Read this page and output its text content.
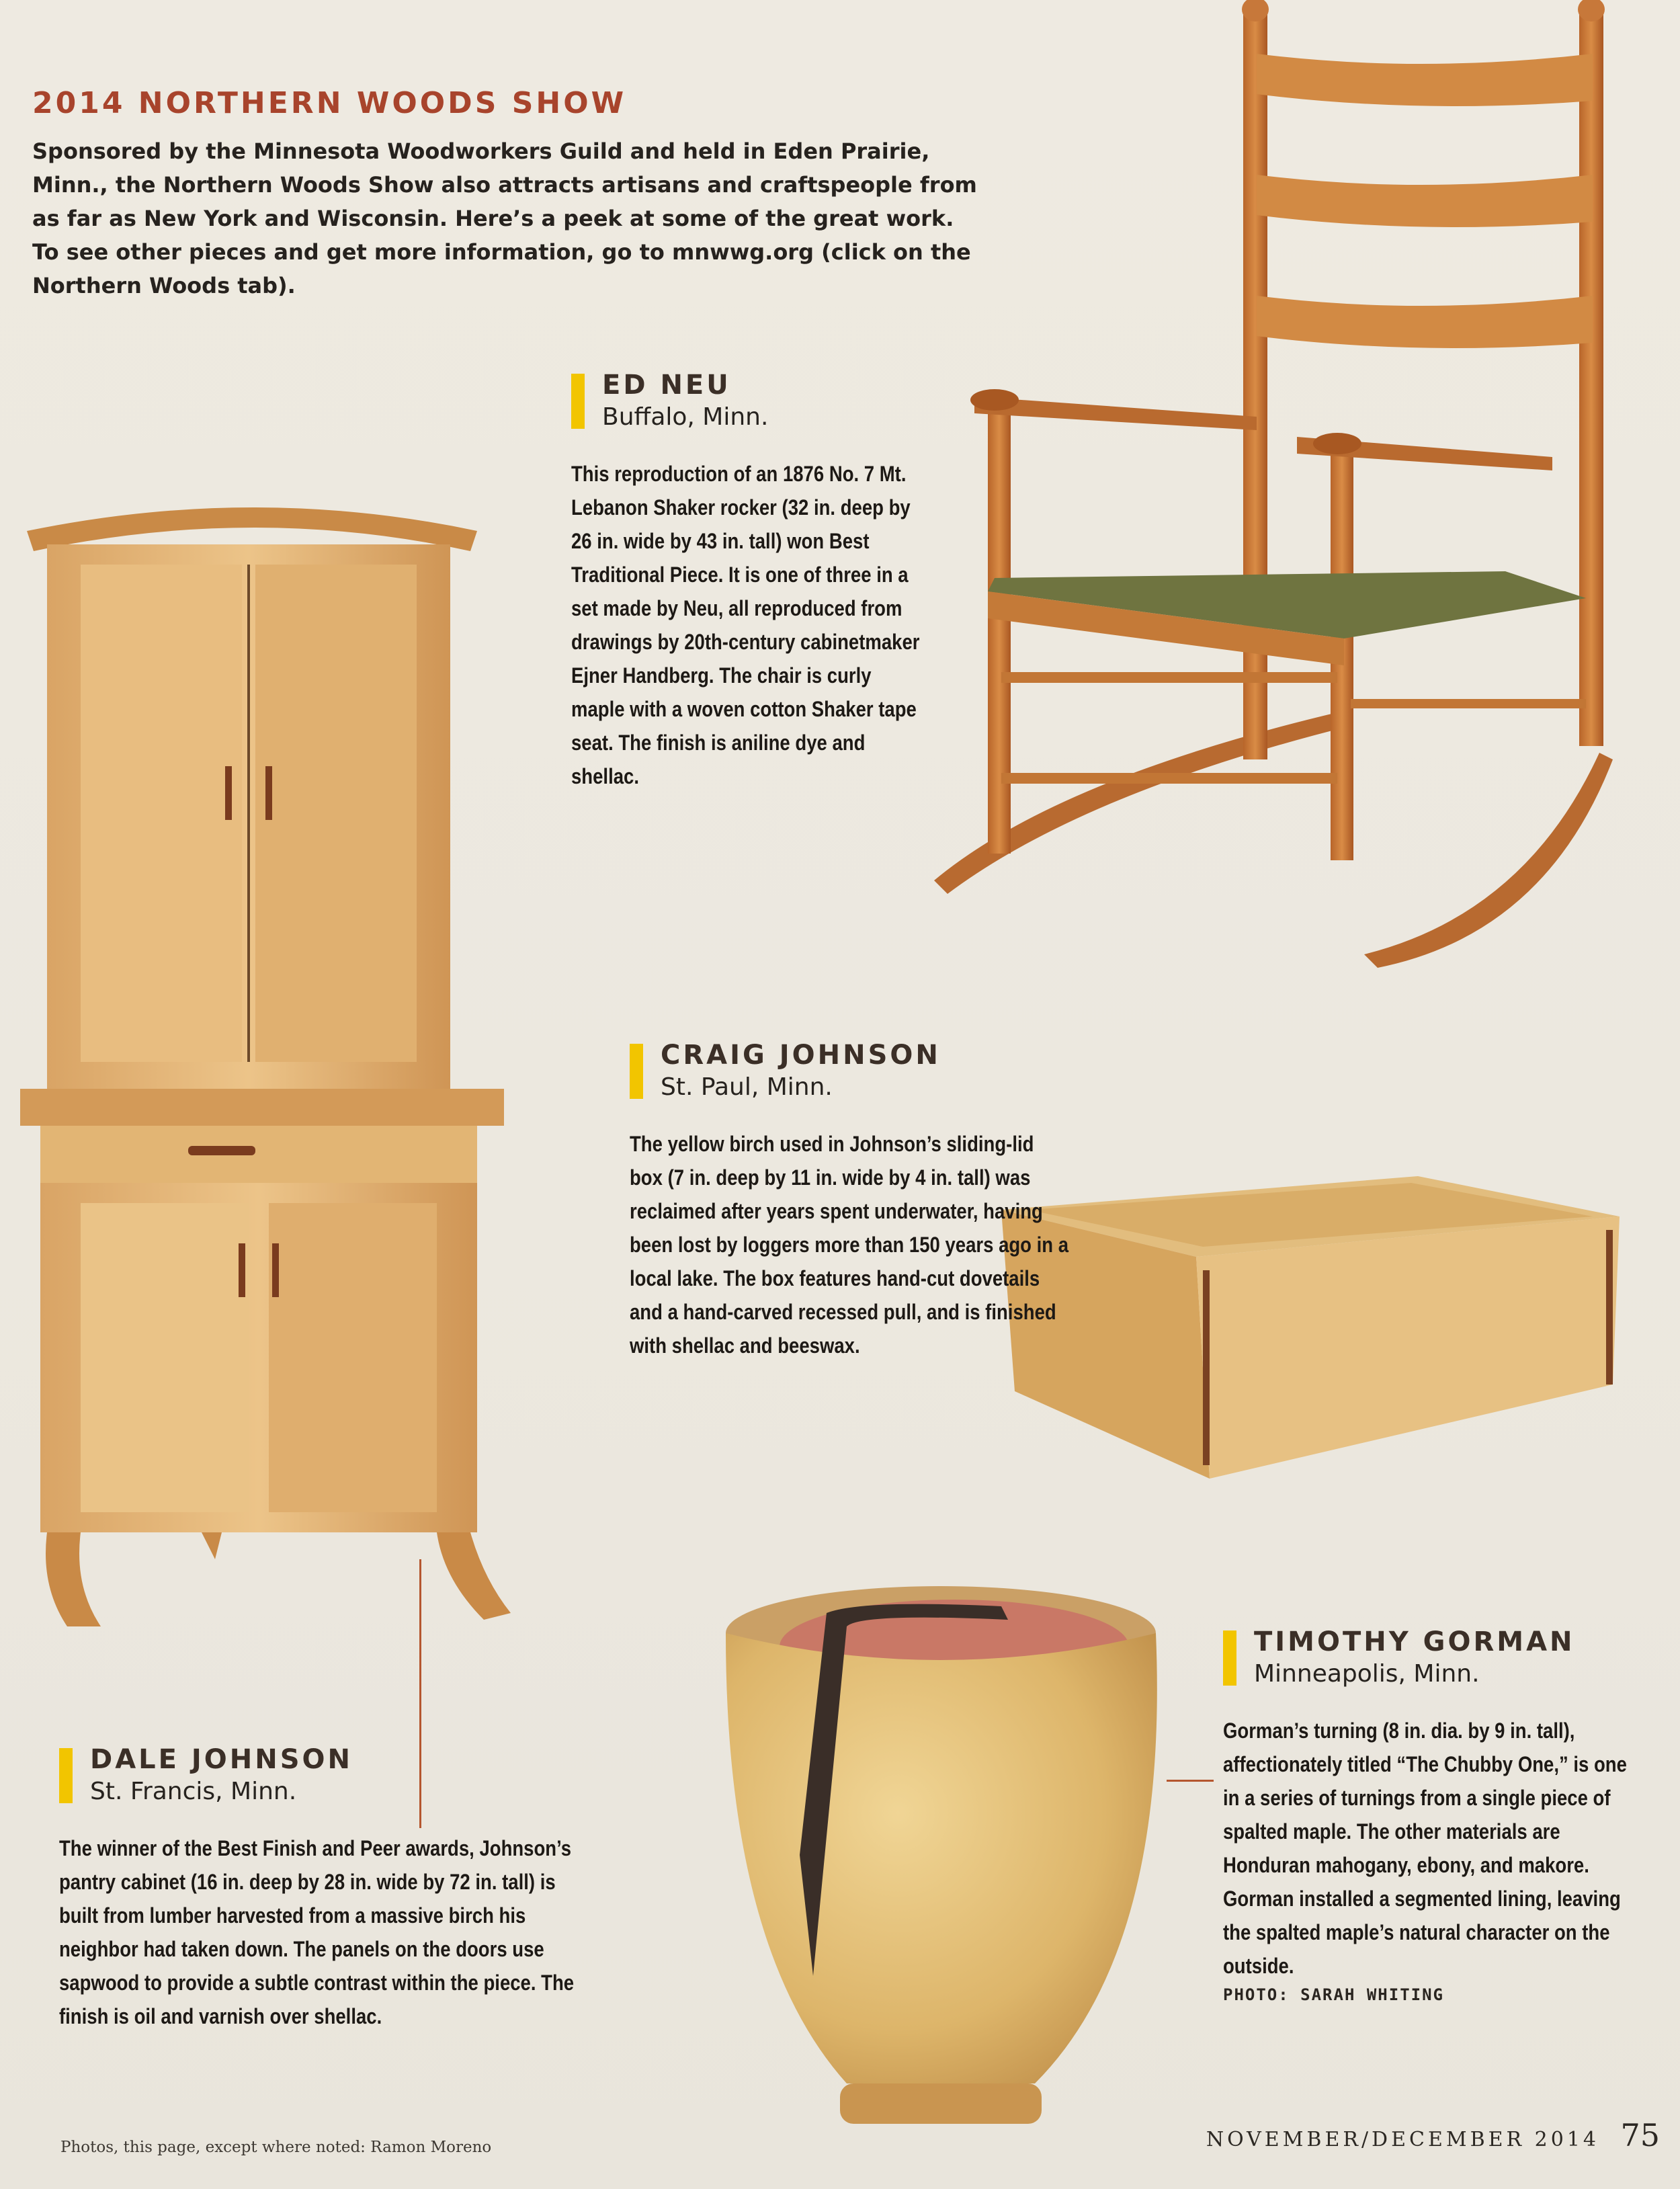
2014 NORTHERN WOODS SHOW

Sponsored by the Minnesota Woodworkers Guild and held in Eden Prairie, Minn., the Northern Woods Show also attracts artisans and craftspeople from as far as New York and Wisconsin. Here’s a peek at some of the great work. To see other pieces and get more information, go to mnwwg.org (click on the Northern Woods tab).

ED NEU
Buffalo, Minn.

This reproduction of an 1876 No. 7 Mt. Lebanon Shaker rocker (32 in. deep by 26 in. wide by 43 in. tall) won Best Traditional Piece. It is one of three in a set made by Neu, all reproduced from drawings by 20th-century cabinetmaker Ejner Handberg. The chair is curly maple with a woven cotton Shaker tape seat. The finish is aniline dye and shellac.

CRAIG JOHNSON
St. Paul, Minn.

The yellow birch used in Johnson’s sliding-lid box (7 in. deep by 11 in. wide by 4 in. tall) was reclaimed after years spent underwater, having been lost by loggers more than 150 years ago in a local lake. The box features hand-cut dovetails and a hand-carved recessed pull, and is finished with shellac and beeswax.

DALE JOHNSON
St. Francis, Minn.

The winner of the Best Finish and Peer awards, Johnson’s pantry cabinet (16 in. deep by 28 in. wide by 72 in. tall) is built from lumber harvested from a massive birch his neighbor had taken down. The panels on the doors use sapwood to provide a subtle contrast within the piece. The finish is oil and varnish over shellac.

TIMOTHY GORMAN
Minneapolis, Minn.

Gorman’s turning (8 in. dia. by 9 in. tall), affectionately titled “The Chubby One,” is one in a series of turnings from a single piece of spalted maple. The other materials are Honduran mahogany, ebony, and makore. Gorman installed a segmented lining, leaving the spalted maple’s natural character on the outside.

PHOTO: SARAH WHITING
Photos, this page, except where noted: Ramon Moreno	NOVEMBER/DECEMBER 2014 75
